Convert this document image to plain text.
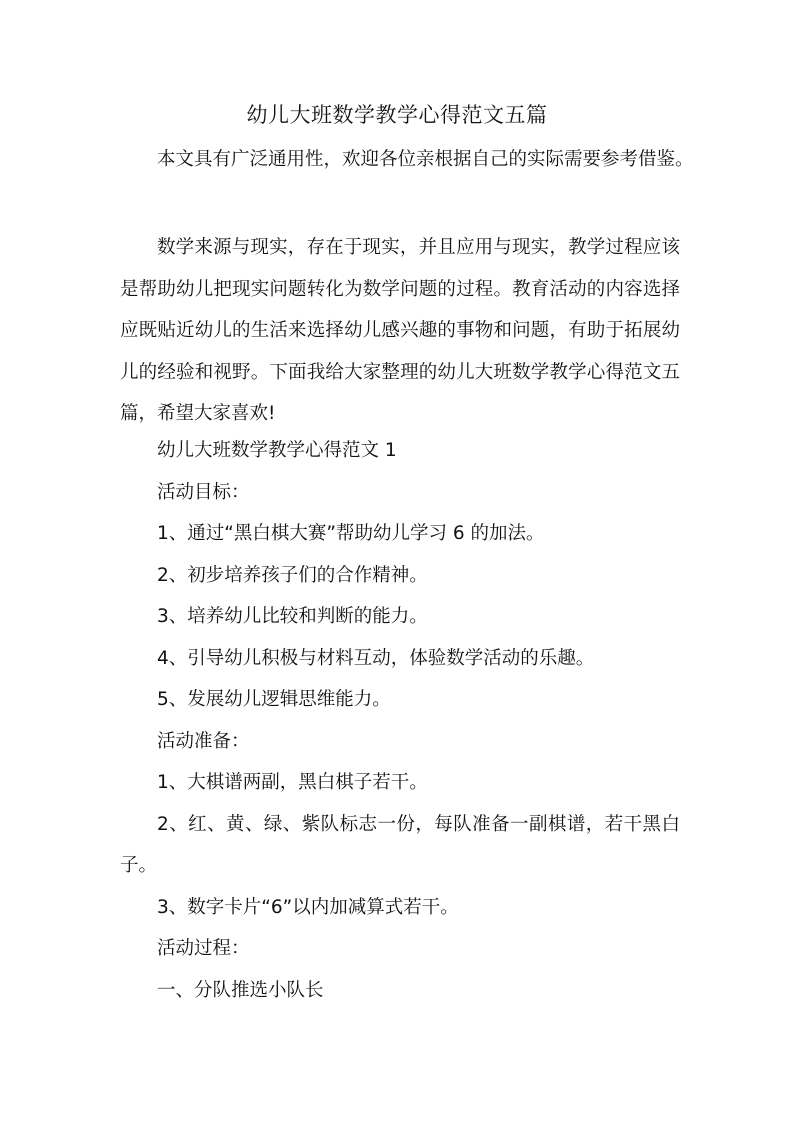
幼儿大班数学教学心得范文五篇
本文具有广泛通用性，欢迎各位亲根据自己的实际需要参考借鉴。
数学来源与现实，存在于现实，并且应用与现实，教学过程应该是帮助幼儿把现实问题转化为数学问题的过程。教育活动的内容选择应既贴近幼儿的生活来选择幼儿感兴趣的事物和问题，有助于拓展幼儿的经验和视野。下面我给大家整理的幼儿大班数学教学心得范文五篇，希望大家喜欢!

幼儿大班数学教学心得范文 1

活动目标：

1、通过“黑白棋大赛”帮助幼儿学习 6 的加法。

2、初步培养孩子们的合作精神。

3、培养幼儿比较和判断的能力。

4、引导幼儿积极与材料互动，体验数学活动的乐趣。

5、发展幼儿逻辑思维能力。

活动准备：

1、大棋谱两副，黑白棋子若干。

2、红、黄、绿、紫队标志一份，每队准备一副棋谱，若干黑白子。

3、数字卡片“6”以内加减算式若干。

活动过程：

一、分队推选小队长
